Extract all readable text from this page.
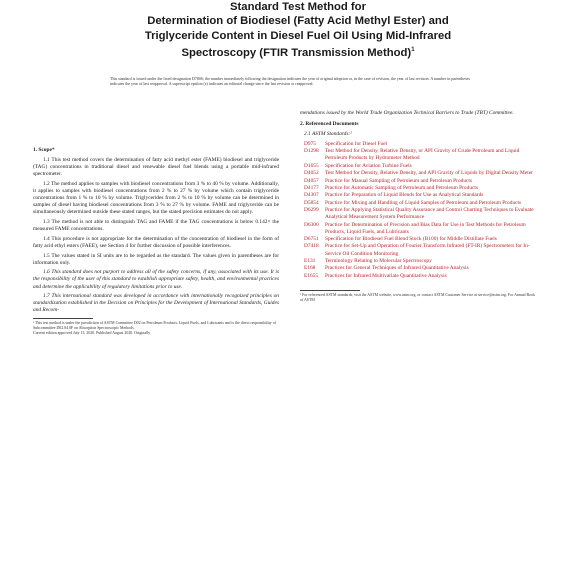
Standard Test Method for
Determination of Biodiesel (Fatty Acid Methyl Ester) and
Triglyceride Content in Diesel Fuel Oil Using Mid-Infrared
Spectroscopy (FTIR Transmission Method)$^1$
This standard is issued under the fixed designation D7806; the number immediately following the designation indicates the year of original adoption or, in the case of revision, the year of last revision. A number in parentheses indicates the year of last reapproval. A superscript epsilon (ε) indicates an editorial change since the last revision or reapproval.
1. Scope*
1.1 This test method covers the determination of fatty acid methyl ester (FAME) biodiesel and triglyceride (TAG) concentrations in traditional diesel and renewable diesel fuel blends using a portable mid-infrared spectrometer.
1.2 The method applies to samples with biodiesel concentrations from 3 % to 40 % by volume. Additionally, it applies to samples with biodiesel concentrations from 2 % to 27 % by volume which contain triglyceride concentrations from 1 % to 10 % by volume. Triglycerides from 2 % to 10 % by volume can be determined in samples of diesel having biodiesel concentrations from 3 % to 27 % by volume. FAME and triglyceride can be simultaneously determined outside these stated ranges, but the stated precision estimates do not apply.
1.3 The method is not able to distinguish TAG and FAME if the TAG concentrations is below 0.142× the measured FAME concentrations.
1.4 This procedure is not appropriate for the determination of the concentration of biodiesel in the form of fatty acid ethyl esters (FAEE), see Section 4 for further discussion of possible interferences.
1.5 The values stated in SI units are to be regarded as the standard. The values given in parentheses are for information only.
1.6 This standard does not purport to address all of the safety concerns, if any, associated with its use. It is the responsibility of the user of this standard to establish appropriate safety, health, and environmental practices and determine the applicability of regulatory limitations prior to use.
1.7 This international standard was developed in accordance with internationally recognized principles on standardization established in the Decision on Principles for the Development of International Standards, Guides and Recom-
¹ This test method is under the jurisdiction of ASTM Committee D02 on Petroleum Products, Liquid Fuels, and Lubricants and is the direct responsibility of Subcommittee D02.04.0F on Absorption Spectroscopic Methods.
Current edition approved July 15, 2020. Published August 2020. Originally
mendations issued by the World Trade Organization Technical Barriers to Trade (TBT) Committee.
2. Referenced Documents
2.1 ASTM Standards:²
D975	Specification for Diesel Fuel
D1298	Test Method for Density, Relative Density, or API Gravity of Crude Petroleum and Liquid Petroleum Products by Hydrometer Method
D1655	Specification for Aviation Turbine Fuels
D4052	Test Method for Density, Relative Density, and API Gravity of Liquids by Digital Density Meter
D4057	Practice for Manual Sampling of Petroleum and Petroleum Products
D4177	Practice for Automatic Sampling of Petroleum and Petroleum Products
D4307	Practice for Preparation of Liquid Blends for Use as Analytical Standards
D5854	Practice for Mixing and Handling of Liquid Samples of Petroleum and Petroleum Products
D6299	Practice for Applying Statistical Quality Assurance and Control Charting Techniques to Evaluate Analytical Measurement System Performance
D6300	Practice for Determination of Precision and Bias Data for Use in Test Methods for Petroleum Products, Liquid Fuels, and Lubricants
D6751	Specification for Biodiesel Fuel Blend Stock (B100) for Middle Distillate Fuels
D7418	Practice for Set-Up and Operation of Fourier Transform Infrared (FT-IR) Spectrometers for In-Service Oil Condition Monitoring
E131	Terminology Relating to Molecular Spectroscopy
E168	Practices for General Techniques of Infrared Quantitative Analysis
E1655	Practices for Infrared Multivariate Quantitative Analysis
¹ For referenced ASTM standards, visit the ASTM website, www.astm.org, or contact ASTM Customer Service at service@astm.org. For Annual Book of ASTM
